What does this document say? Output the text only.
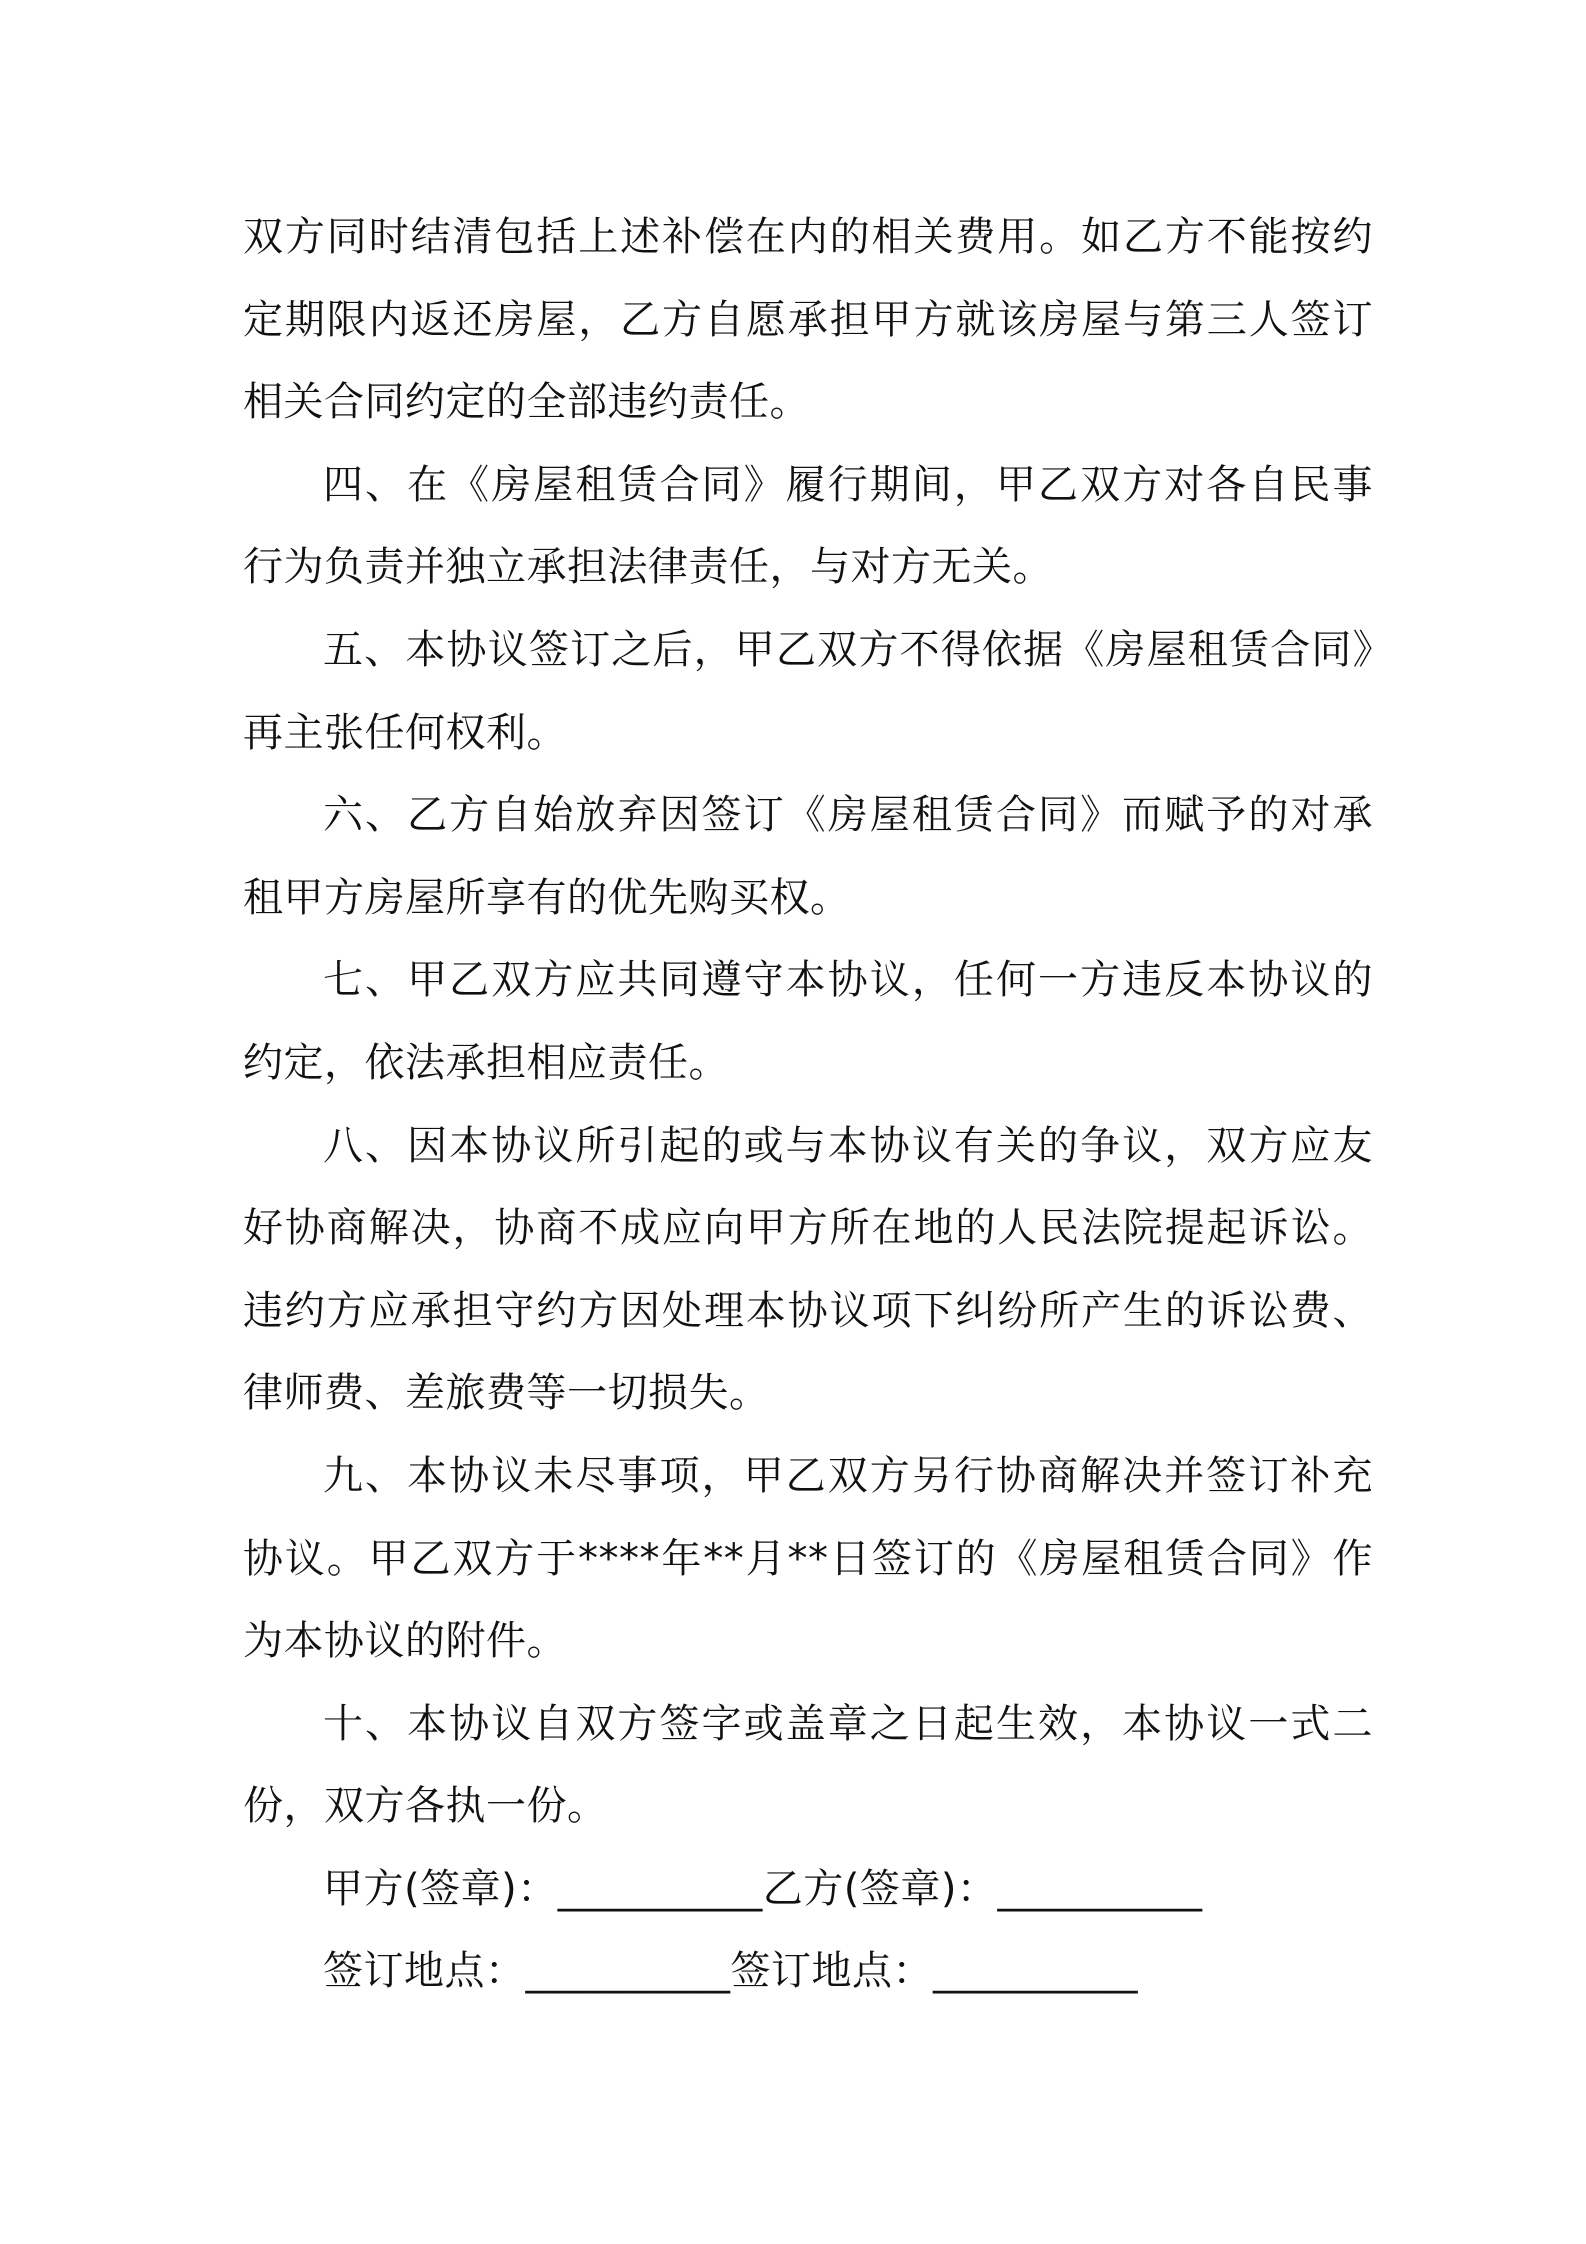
双方同时结清包括上述补偿在内的相关费用。如乙方不能按约定期限内返还房屋，乙方自愿承担甲方就该房屋与第三人签订相关合同约定的全部违约责任。

四、在《房屋租赁合同》履行期间，甲乙双方对各自民事行为负责并独立承担法律责任，与对方无关。

五、本协议签订之后，甲乙双方不得依据《房屋租赁合同》再主张任何权利。

六、乙方自始放弃因签订《房屋租赁合同》而赋予的对承租甲方房屋所享有的优先购买权。

七、甲乙双方应共同遵守本协议，任何一方违反本协议的约定，依法承担相应责任。

八、因本协议所引起的或与本协议有关的争议，双方应友好协商解决，协商不成应向甲方所在地的人民法院提起诉讼。违约方应承担守约方因处理本协议项下纠纷所产生的诉讼费、律师费、差旅费等一切损失。

九、本协议未尽事项，甲乙双方另行协商解决并签订补充协议。甲乙双方于****年**月**日签订的《房屋租赁合同》作为本协议的附件。

十、本协议自双方签字或盖章之日起生效，本协议一式二份，双方各执一份。

甲方(签章)：__________乙方(签章)：__________

签订地点：__________签订地点：__________
